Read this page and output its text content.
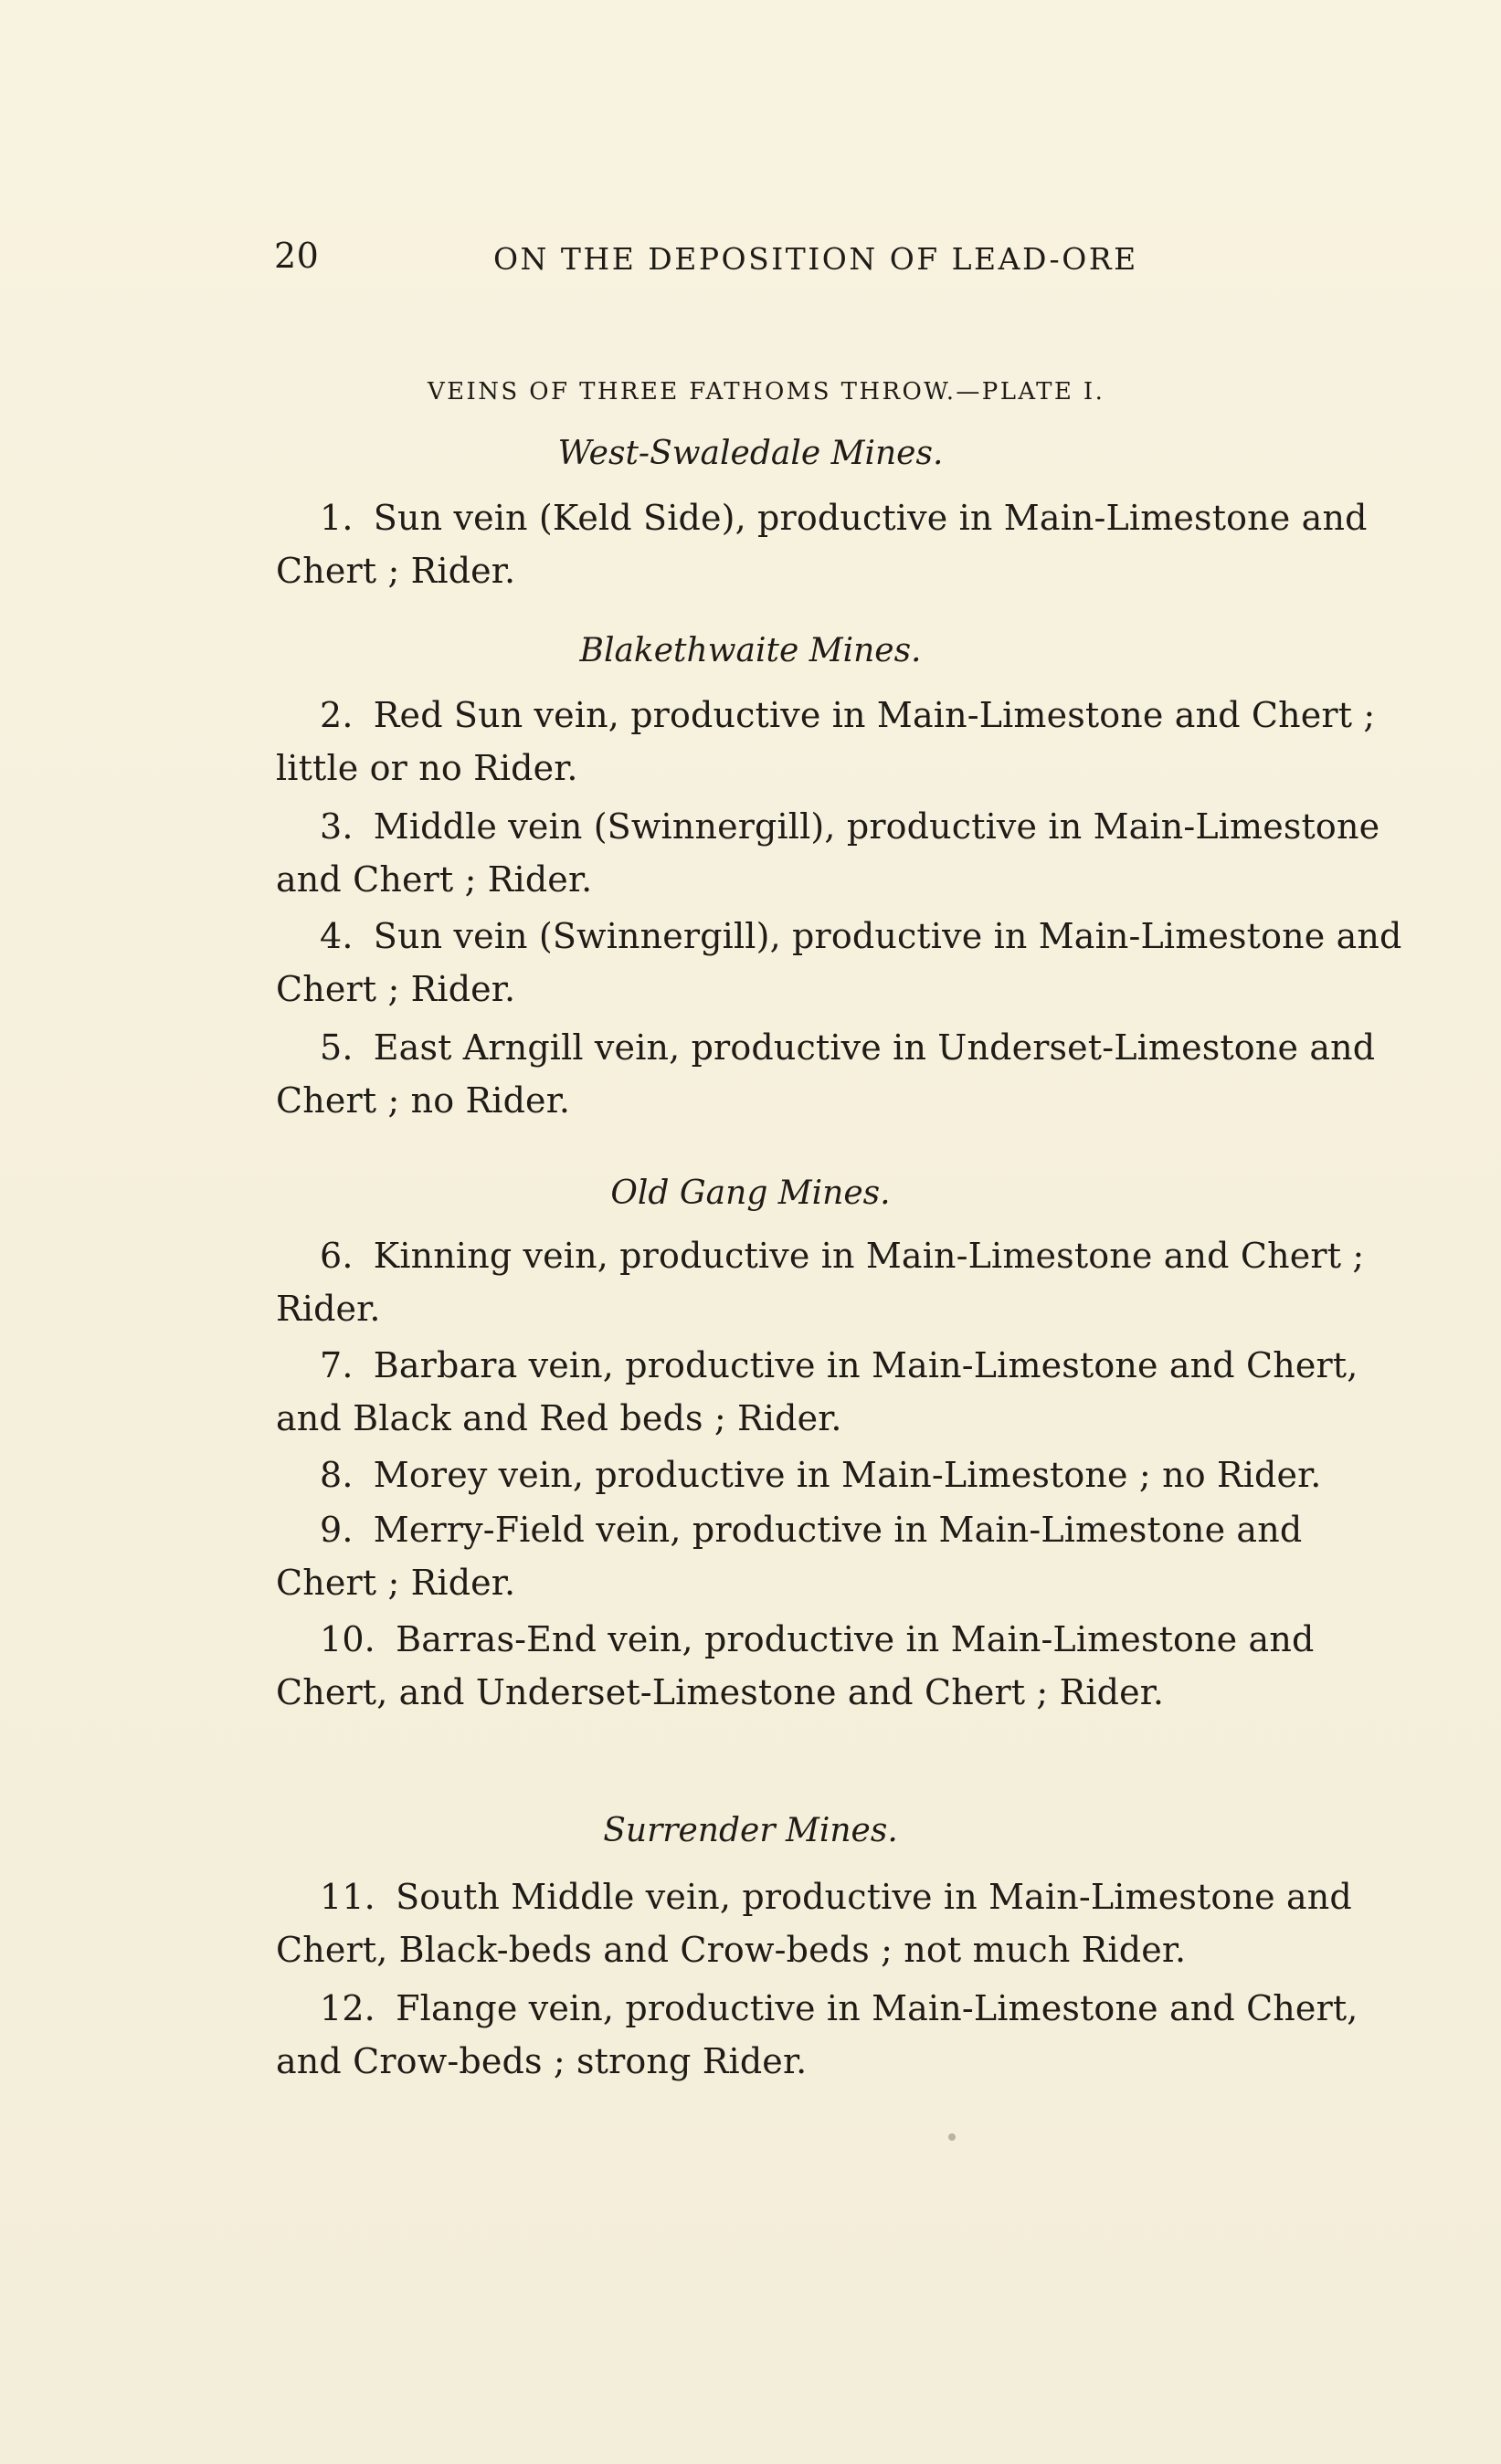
20	ON THE DEPOSITION OF LEAD-ORE
VEINS OF THREE FATHOMS THROW.—PLATE I.
West-Swaledale Mines.
1. Sun vein (Keld Side), productive in Main-Limestone and
Chert ; Rider.
Blakethwaite Mines.
2. Red Sun vein, productive in Main-Limestone and Chert ;
little or no Rider.
3. Middle vein (Swinnergill), productive in Main-Limestone
and Chert ; Rider.
4. Sun vein (Swinnergill), productive in Main-Limestone and
Chert ; Rider.
5. East Arngill vein, productive in Underset-Limestone and
Chert ; no Rider.
Old Gang Mines.
6. Kinning vein, productive in Main-Limestone and Chert ;
Rider.
7. Barbara vein, productive in Main-Limestone and Chert,
and Black and Red beds ; Rider.
8. Morey vein, productive in Main-Limestone ; no Rider.
9. Merry-Field vein, productive in Main-Limestone and
Chert ; Rider.
10. Barras-End vein, productive in Main-Limestone and
Chert, and Underset-Limestone and Chert ; Rider.
Surrender Mines.
11. South Middle vein, productive in Main-Limestone and
Chert, Black-beds and Crow-beds ; not much Rider.
12. Flange vein, productive in Main-Limestone and Chert,
and Crow-beds ; strong Rider.
